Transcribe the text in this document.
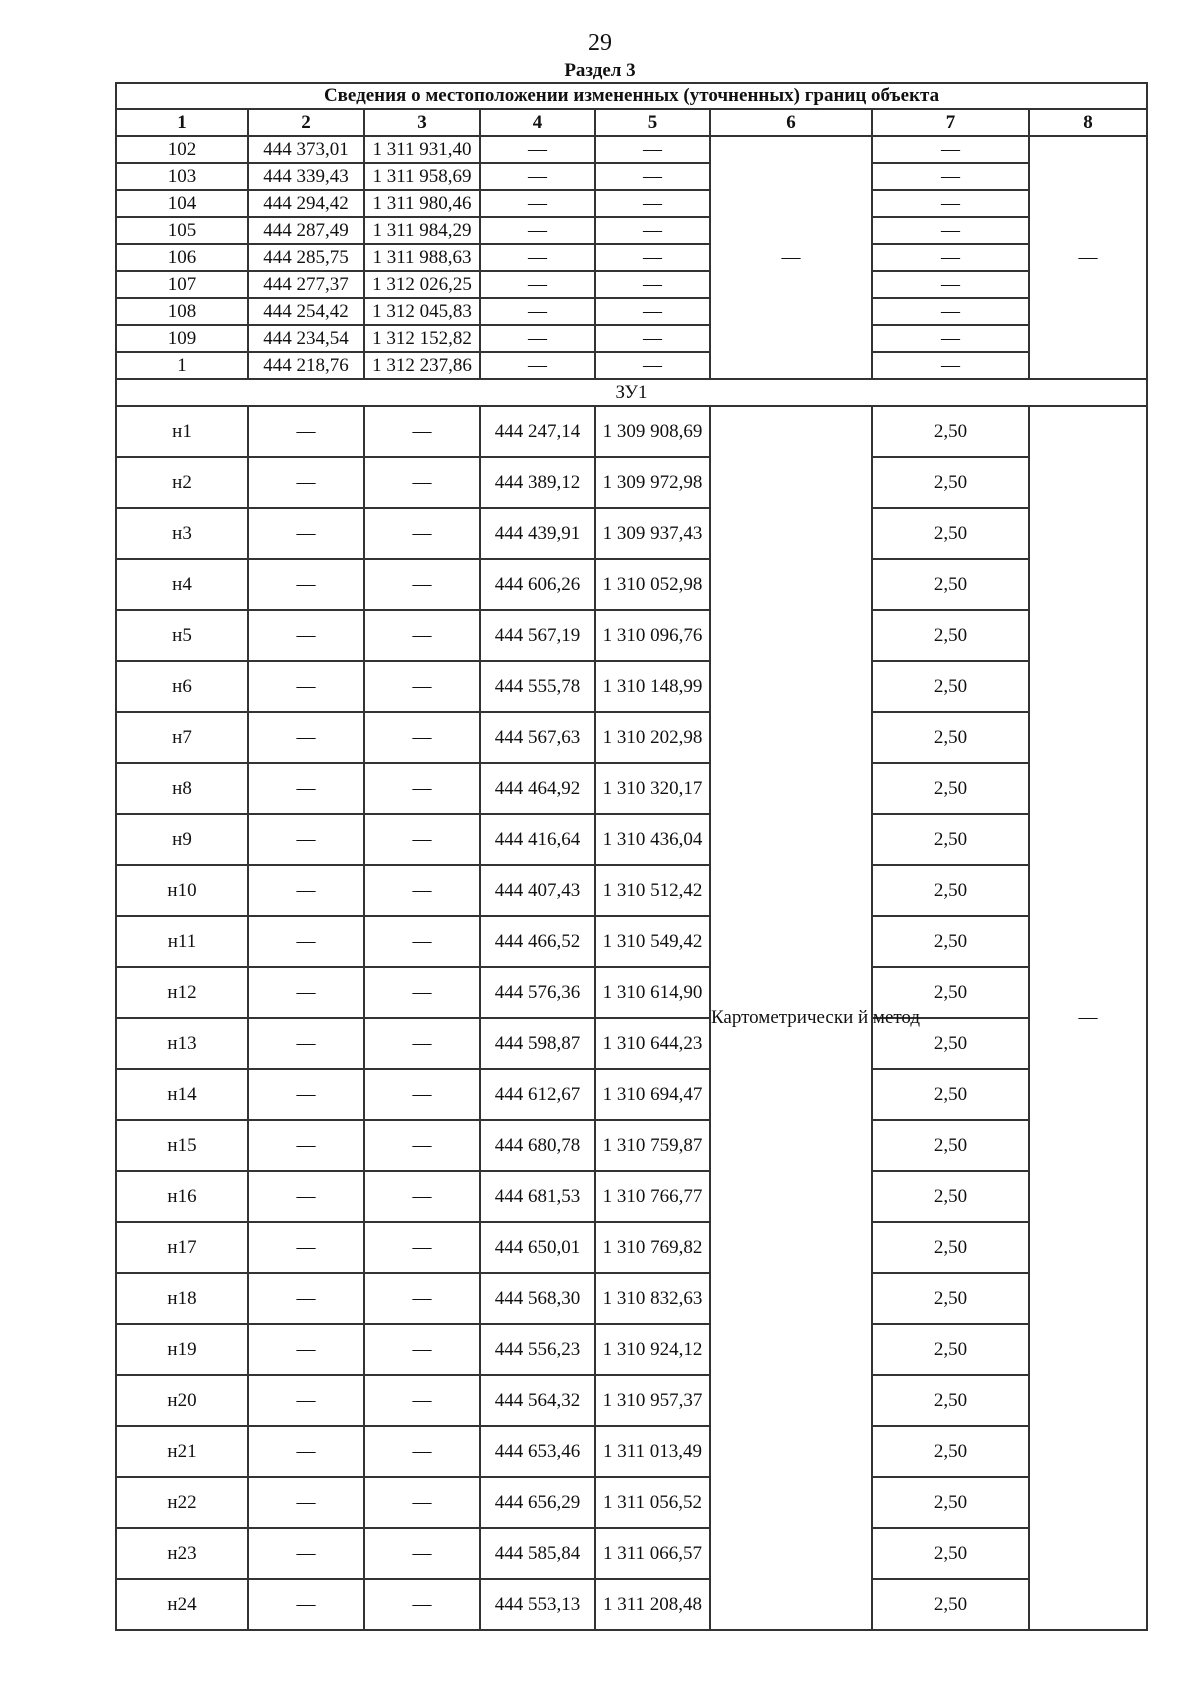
29
Раздел 3
Сведения о местоположении измененных (уточненных) границ объекта							
1	2	3	4	5	6	7	8
102	444 373,01	1 311 931,40	—	—	—	—	—
103	444 339,43	1 311 958,69	—	—		—	
104	444 294,42	1 311 980,46	—	—		—	
105	444 287,49	1 311 984,29	—	—		—	
106	444 285,75	1 311 988,63	—	—		—	
107	444 277,37	1 312 026,25	—	—		—	
108	444 254,42	1 312 045,83	—	—		—	
109	444 234,54	1 312 152,82	—	—		—	
1	444 218,76	1 312 237,86	—	—		—	
ЗУ1							
н1	—	—	444 247,14	1 309 908,69	Картометрически й метод	2,50	—
н2	—	—	444 389,12	1 309 972,98		2,50	
н3	—	—	444 439,91	1 309 937,43		2,50	
н4	—	—	444 606,26	1 310 052,98		2,50	
н5	—	—	444 567,19	1 310 096,76		2,50	
н6	—	—	444 555,78	1 310 148,99		2,50	
н7	—	—	444 567,63	1 310 202,98		2,50	
н8	—	—	444 464,92	1 310 320,17		2,50	
н9	—	—	444 416,64	1 310 436,04		2,50	
н10	—	—	444 407,43	1 310 512,42		2,50	
н11	—	—	444 466,52	1 310 549,42		2,50	
н12	—	—	444 576,36	1 310 614,90		2,50	
н13	—	—	444 598,87	1 310 644,23		2,50	
н14	—	—	444 612,67	1 310 694,47		2,50	
н15	—	—	444 680,78	1 310 759,87		2,50	
н16	—	—	444 681,53	1 310 766,77		2,50	
н17	—	—	444 650,01	1 310 769,82		2,50	
н18	—	—	444 568,30	1 310 832,63		2,50	
н19	—	—	444 556,23	1 310 924,12		2,50	
н20	—	—	444 564,32	1 310 957,37		2,50	
н21	—	—	444 653,46	1 311 013,49		2,50	
н22	—	—	444 656,29	1 311 056,52		2,50	
н23	—	—	444 585,84	1 311 066,57		2,50	
н24	—	—	444 553,13	1 311 208,48		2,50	
